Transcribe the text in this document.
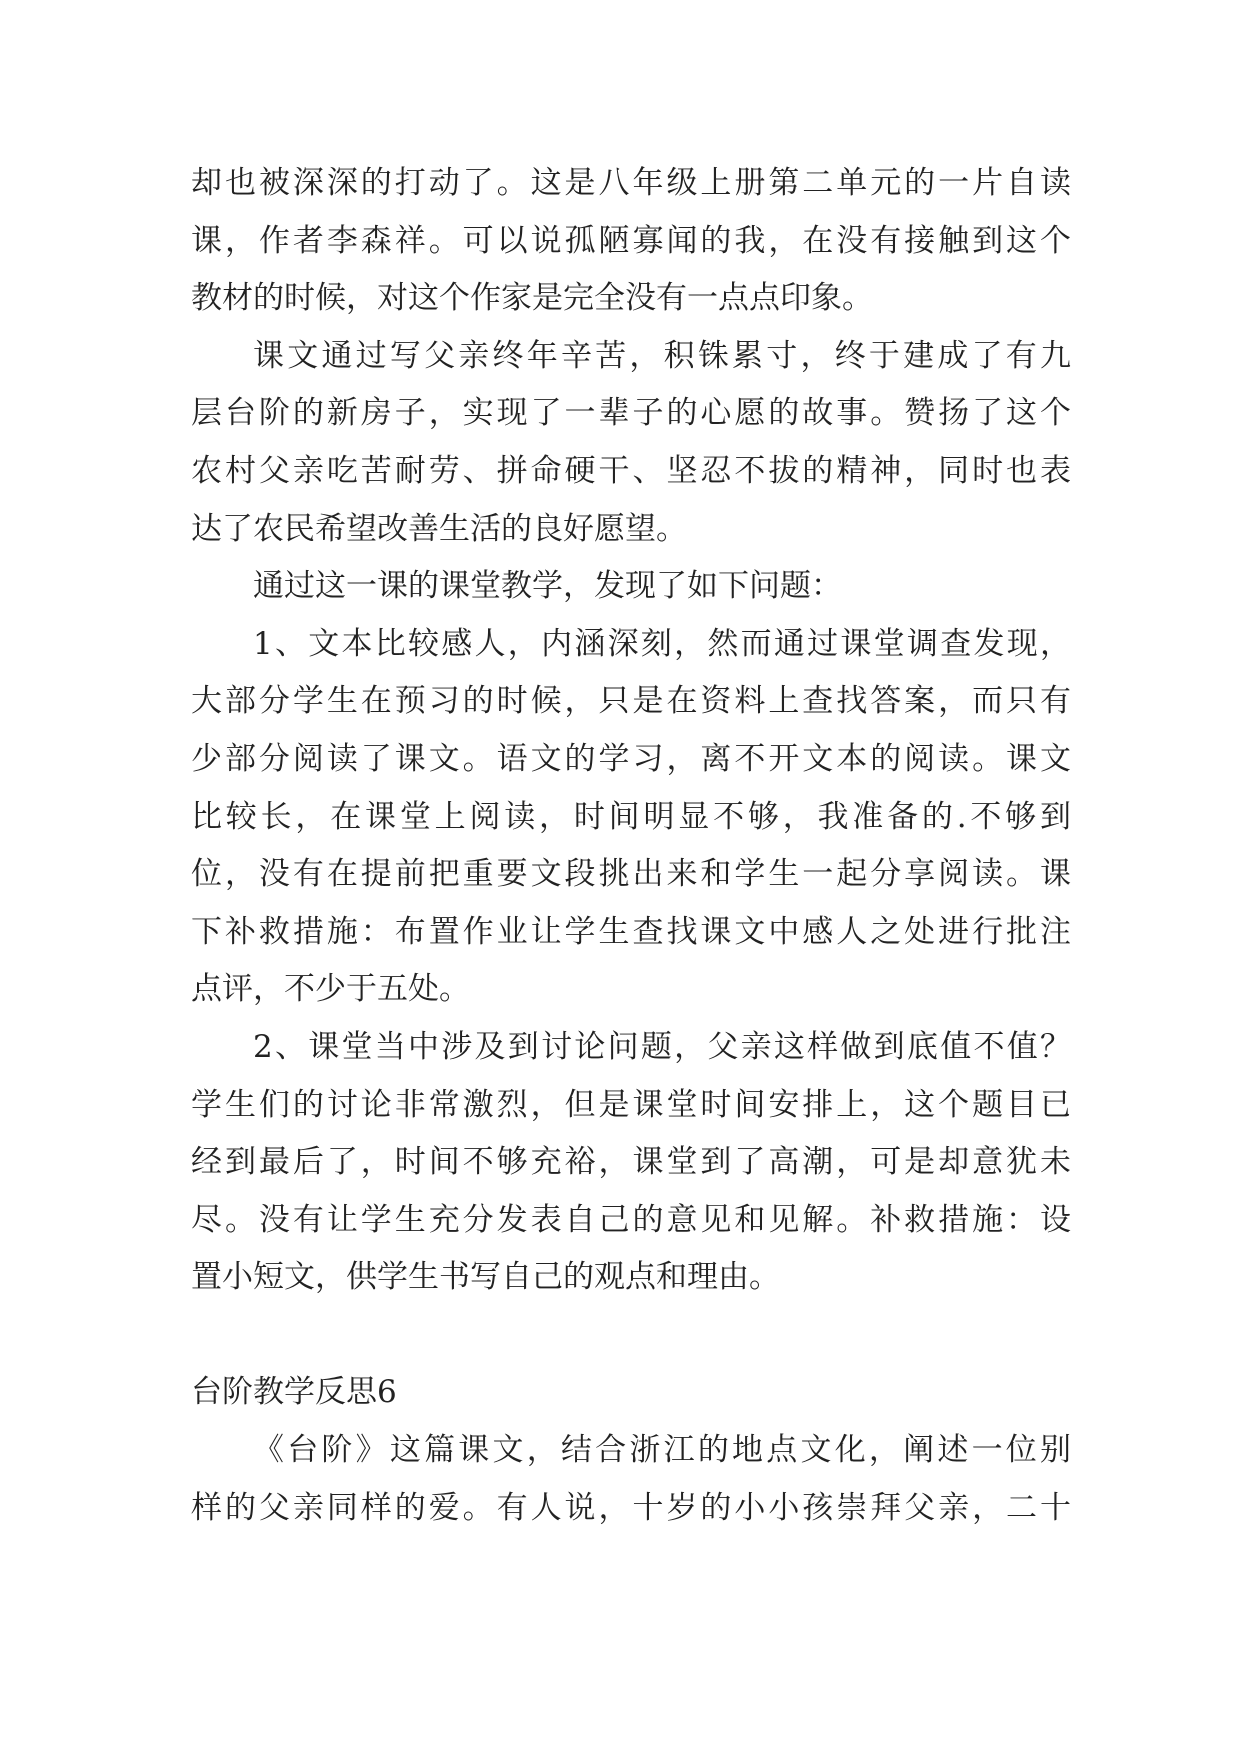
却也被深深的打动了。这是八年级上册第二单元的一片自读
课，作者李森祥。可以说孤陋寡闻的我，在没有接触到这个
教材的时候，对这个作家是完全没有一点点印象。
课文通过写父亲终年辛苦，积铢累寸，终于建成了有九
层台阶的新房子，实现了一辈子的心愿的故事。赞扬了这个
农村父亲吃苦耐劳、拼命硬干、坚忍不拔的精神，同时也表
达了农民希望改善生活的良好愿望。
通过这一课的课堂教学，发现了如下问题：
1、文本比较感人，内涵深刻，然而通过课堂调查发现，
大部分学生在预习的时候，只是在资料上查找答案，而只有
少部分阅读了课文。语文的学习，离不开文本的阅读。课文
比较长，在课堂上阅读，时间明显不够，我准备的.不够到
位，没有在提前把重要文段挑出来和学生一起分享阅读。课
下补救措施：布置作业让学生查找课文中感人之处进行批注
点评，不少于五处。
2、课堂当中涉及到讨论问题，父亲这样做到底值不值？
学生们的讨论非常激烈，但是课堂时间安排上，这个题目已
经到最后了，时间不够充裕，课堂到了高潮，可是却意犹未
尽。没有让学生充分发表自己的意见和见解。补救措施：设
置小短文，供学生书写自己的观点和理由。
台阶教学反思6
《台阶》这篇课文，结合浙江的地点文化，阐述一位别
样的父亲同样的爱。有人说，十岁的小小孩崇拜父亲，二十
